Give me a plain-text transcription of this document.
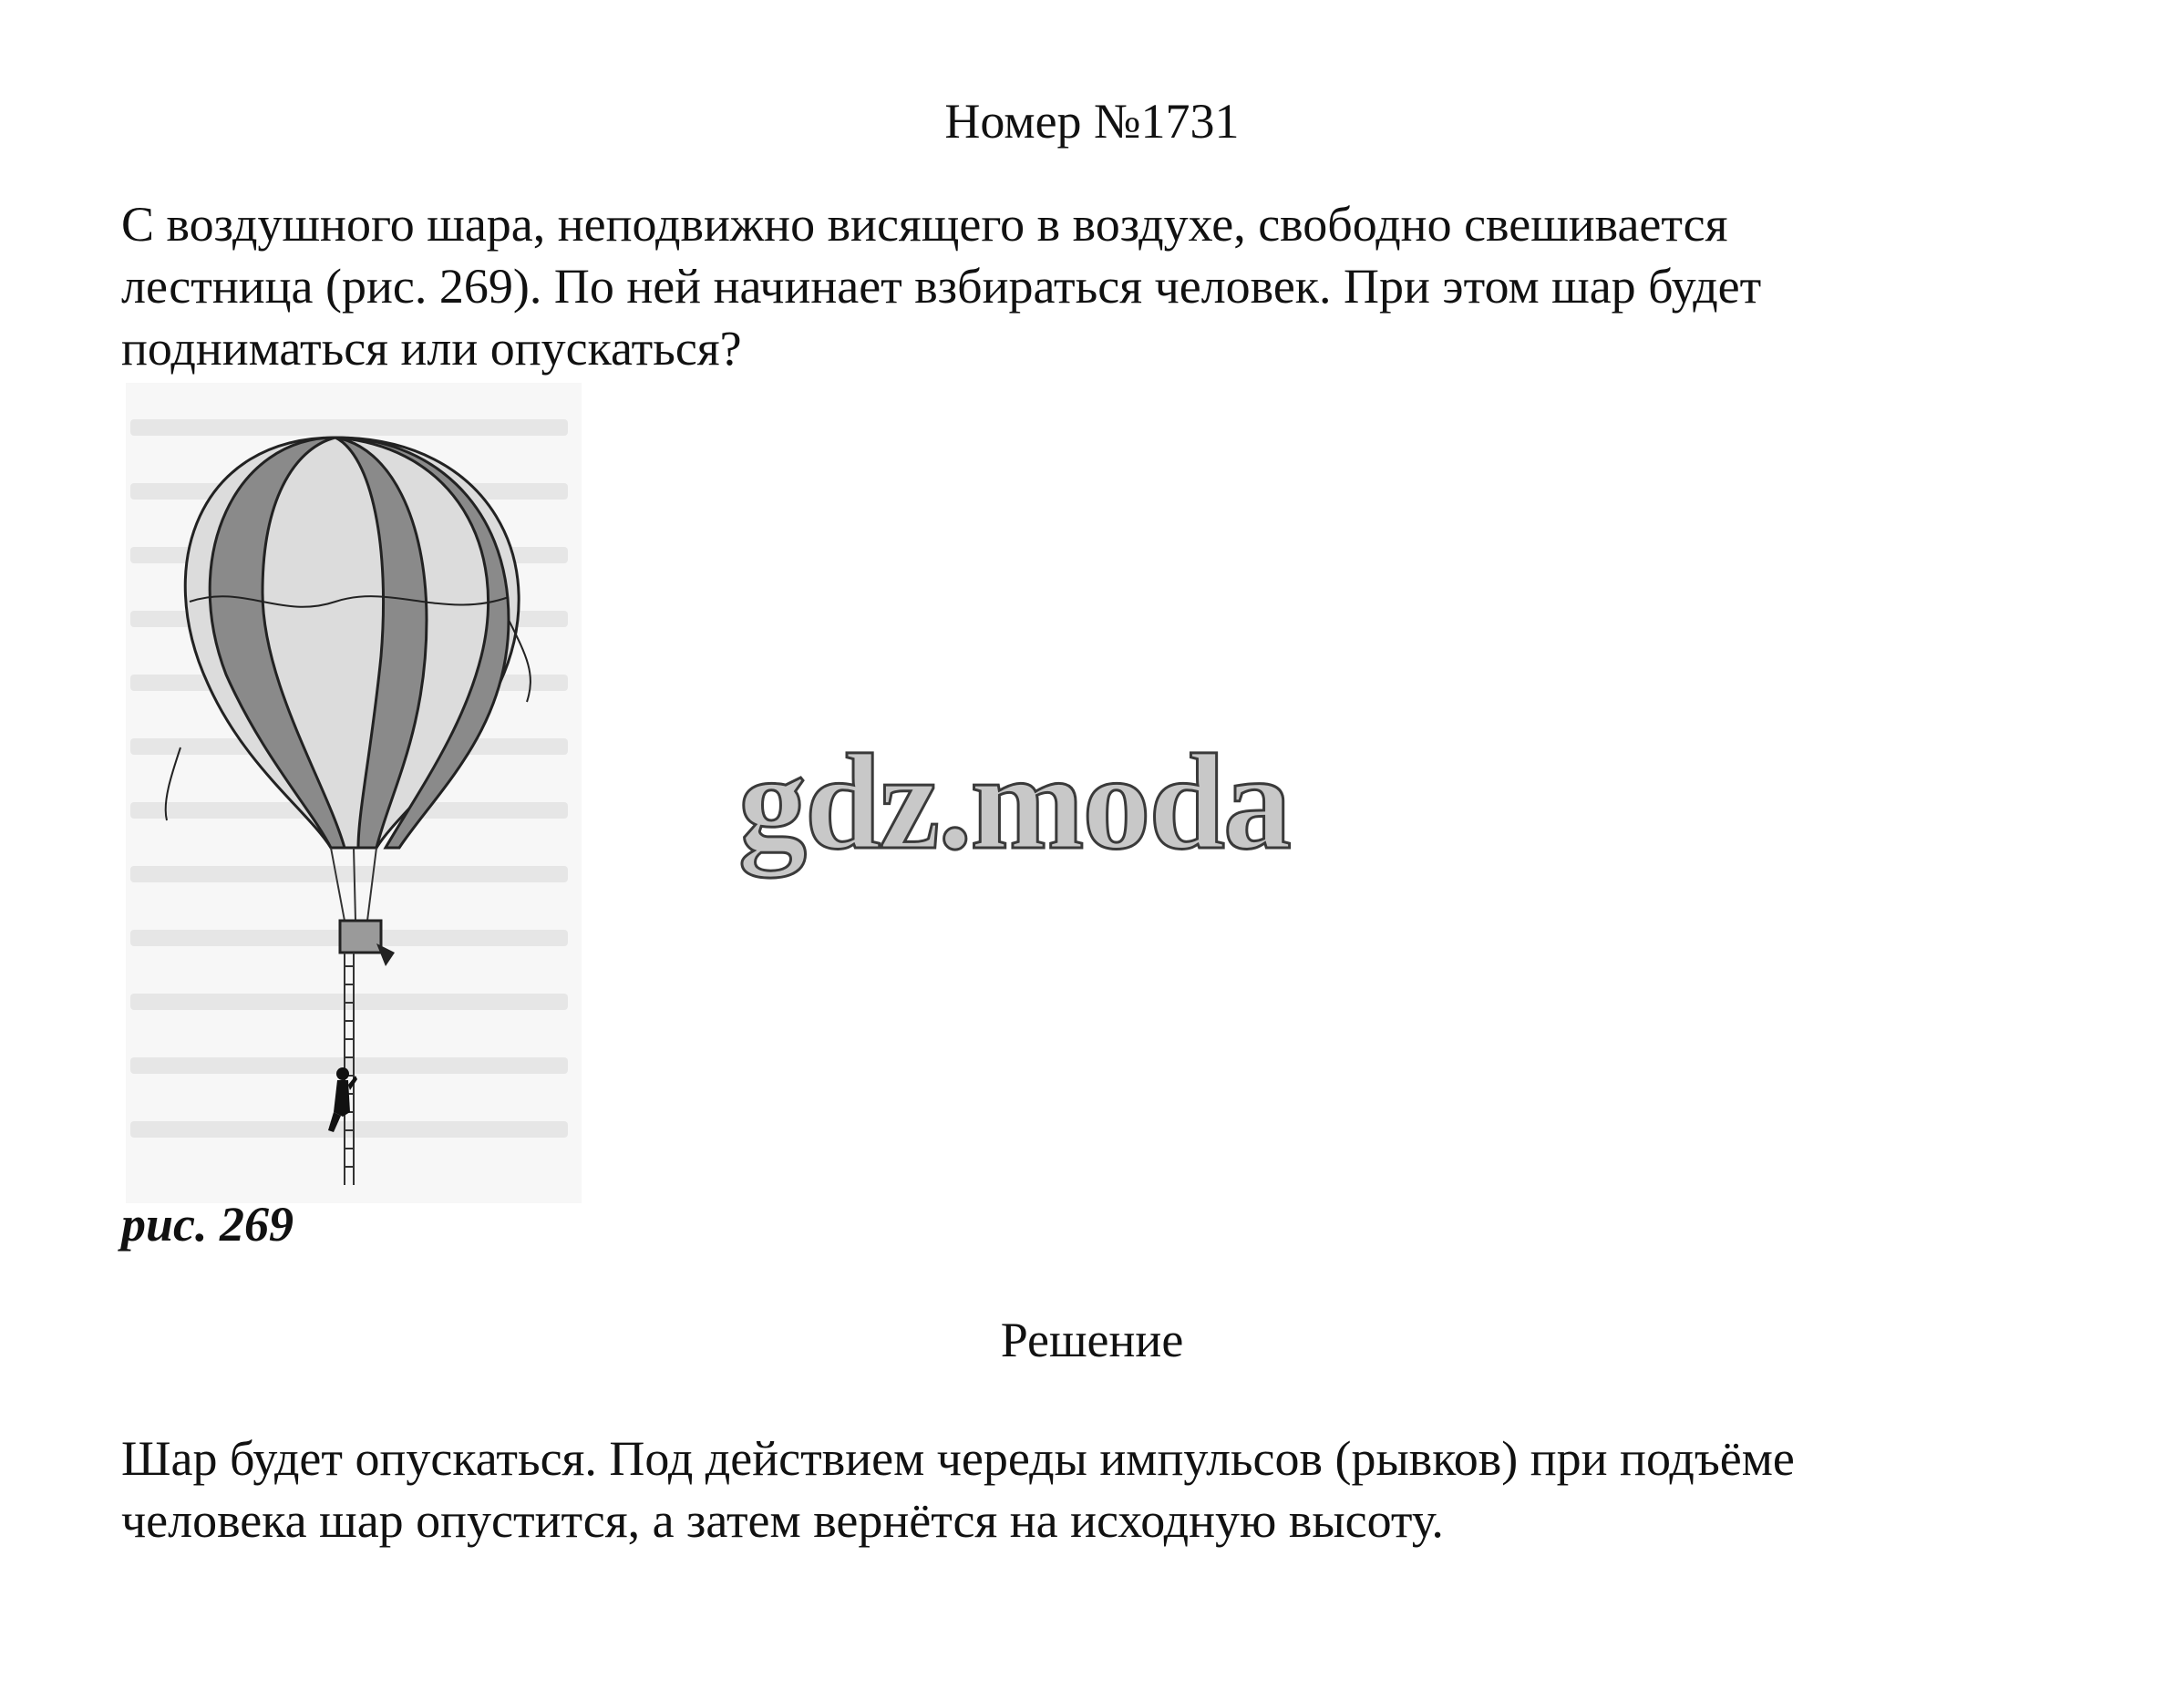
Номер №1731
С воздушного шара, неподвижно висящего в воздухе, свободно свешивается
лестница (рис. 269). По ней начинает взбираться человек. При этом шар будет
подниматься или опускаться?
gdz.moda
рис. 269
Решение
Шар будет опускаться. Под действием череды импульсов (рывков) при подъёме
человека шар опустится, а затем вернётся на исходную высоту.
